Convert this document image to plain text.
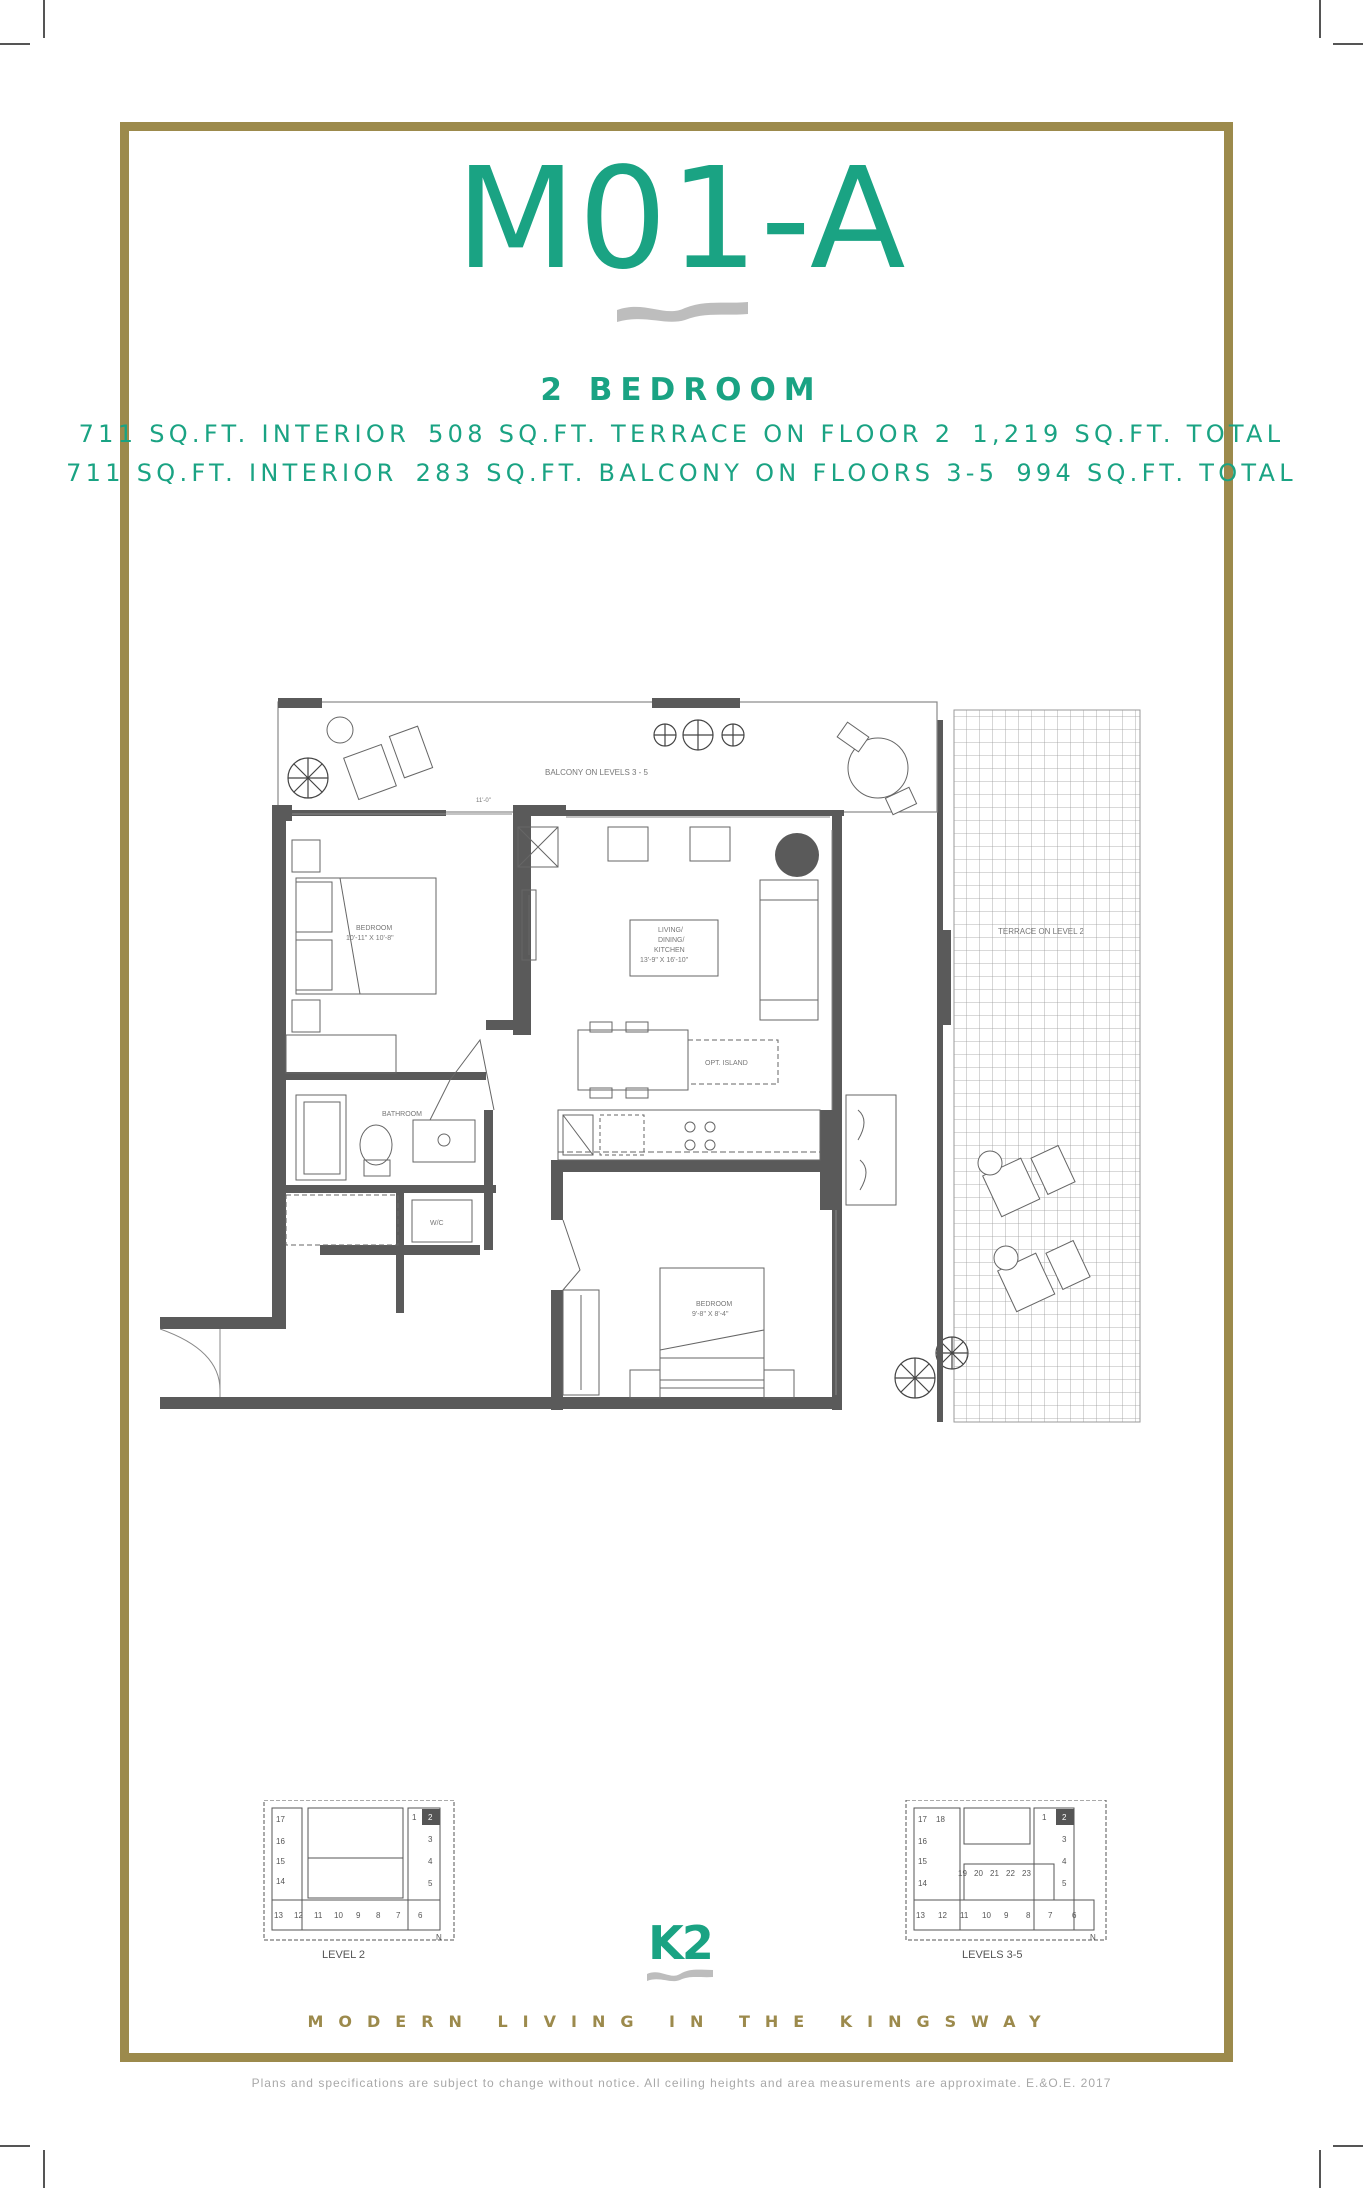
M01-A
2 BEDROOM
711 SQ.FT. INTERIOR 508 SQ.FT. TERRACE ON FLOOR 2 1,219 SQ.FT. TOTAL
711 SQ.FT. INTERIOR 283 SQ.FT. BALCONY ON FLOORS 3-5 994 SQ.FT. TOTAL
TERRACE ON LEVEL 2
BALCONY ON LEVELS 3 - 5
BEDROOM
10'-11" X 10'-8"
BATHROOM
W/C
LIVING/
DINING/
KITCHEN
13'-9" X 16'-10"
OPT. ISLAND
11'-0"
BEDROOM
9'-8" X 8'-4"
17
16
15
14
1 2
3
4
5
13 12 11 10 9 8 7 6
N
LEVEL 2
17 18
16
15
14
19 20 21 22 23
1 2
3
4
5
13 12 11 10 9 8 7 6
N
LEVELS 3-5
K2
MODERN LIVING IN THE KINGSWAY
Plans and specifications are subject to change without notice. All ceiling heights and area measurements are approximate. E.&O.E. 2017
